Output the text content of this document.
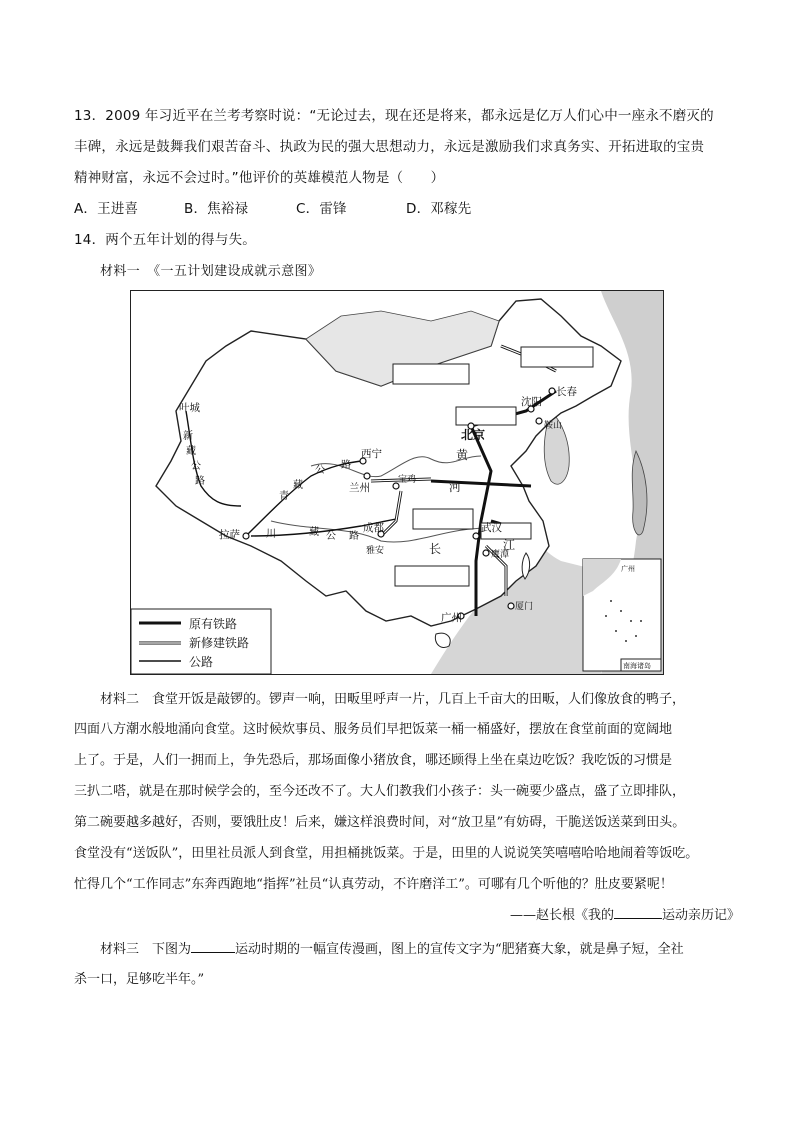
13．2009 年习近平在兰考考察时说：“无论过去，现在还是将来，都永远是亿万人们心中一座永不磨灭的
丰碑，永远是鼓舞我们艰苦奋斗、执政为民的强大思想动力，永远是激励我们求真务实、开拓进取的宝贵
精神财富，永远不会过时。”他评价的英雄模范人物是（　　）
A．王进喜	B．焦裕禄	C．雷锋	D．邓稼先
14．两个五年计划的得与失。
材料一　《一五计划建设成就示意图》
叶城
西宁
兰州
宝鸡
拉萨
成都
雅安
北京
沈阳
长春
鞍山
武汉
鹰潭
厦门
广州
新
藏
公
路
青
藏
公 路
川	藏 公 路
黄
河
长	江
广州
南海诸岛
原有铁路
新修建铁路
公路
材料二　食堂开饭是敲锣的。锣声一响，田畈里呼声一片，几百上千亩大的田畈，人们像放食的鸭子，
四面八方潮水般地涌向食堂。这时候炊事员、服务员们早把饭菜一桶一桶盛好，摆放在食堂前面的宽阔地
上了。于是，人们一拥而上，争先恐后，那场面像小猪放食，哪还顾得上坐在桌边吃饭？我吃饭的习惯是
三扒二嗒，就是在那时候学会的，至今还改不了。大人们教我们小孩子：头一碗要少盛点，盛了立即排队，
第二碗要越多越好，否则，要饿肚皮！后来，嫌这样浪费时间，对“放卫星”有妨碍，干脆送饭送菜到田头。
食堂没有“送饭队”，田里社员派人到食堂，用担桶挑饭菜。于是，田里的人说说笑笑嘻嘻哈哈地闹着等饭吃。
忙得几个“工作同志”东奔西跑地“指挥”社员“认真劳动，不许磨洋工”。可哪有几个听他的？肚皮要紧呢！
——赵长根《我的	运动亲历记》
材料三　下图为	运动时期的一幅宣传漫画，图上的宣传文字为“肥猪赛大象，就是鼻子短，全社
杀一口，足够吃半年。”
